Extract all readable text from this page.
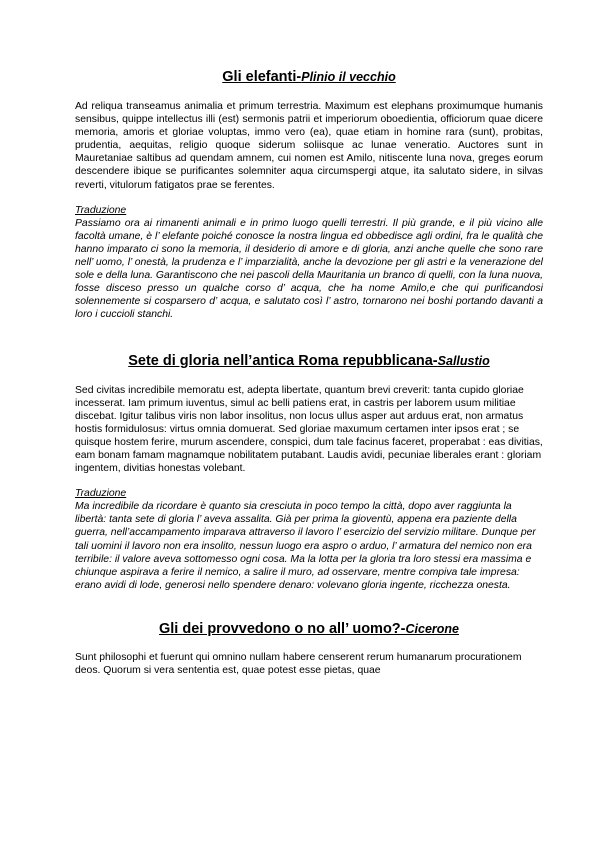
Gli elefanti-Plinio il vecchio

Ad reliqua transeamus animalia et primum terrestria. Maximum est elephans proximumque humanis sensibus, quippe intellectus illi (est) sermonis patrii et imperiorum oboedientia, officiorum quae dicere memoria, amoris et gloriae voluptas, immo vero (ea), quae etiam in homine rara (sunt), probitas, prudentia, aequitas, religio quoque siderum soliisque ac lunae veneratio. Auctores sunt in Mauretaniae saltibus ad quendam amnem, cui nomen est Amilo, nitiscente luna nova, greges eorum descendere ibique se purificantes solemniter aqua circumspergi atque, ita salutato sidere, in silvas reverti, vitulorum fatigatos prae se ferentes.

Traduzione

Passiamo ora ai rimanenti animali e in primo luogo quelli terrestri. Il più grande, e il più vicino alle facoltà umane, è l’ elefante poiché conosce la nostra lingua ed obbedisce agli ordini, fra le qualità che hanno imparato ci sono la memoria, il desiderio di amore e di gloria, anzi anche quelle che sono rare nell’ uomo, l’ onestà, la prudenza e l’ imparzialità, anche la devozione per gli astri e la venerazione del sole e della luna. Garantiscono che nei pascoli della Mauritania un branco di quelli, con la luna nuova, fosse disceso presso un qualche corso d’ acqua, che ha nome Amilo,e che qui purificandosi solennemente si cosparsero d’ acqua, e salutato così l’ astro, tornarono nei boshi portando davanti a loro i cuccioli stanchi.

Sete di gloria nell’antica Roma repubblicana-Sallustio

Sed civitas incredibile memoratu est, adepta libertate, quantum brevi creverit: tanta cupido gloriae incesserat. Iam primum iuventus, simul ac belli patiens erat, in castris per laborem usum militiae discebat. Igitur talibus viris non labor insolitus, non locus ullus asper aut arduus erat, non armatus hostis formidulosus: virtus omnia domuerat. Sed gloriae maxumum certamen inter ipsos erat ; se quisque hostem ferire, murum ascendere, conspici, dum tale facinus faceret, properabat : eas divitias, eam bonam famam magnamque nobilitatem putabant. Laudis avidi, pecuniae liberales erant : gloriam ingentem, divitias honestas volebant.

Traduzione

Ma incredibile da ricordare è quanto sia cresciuta in poco tempo la città, dopo aver raggiunta la libertà: tanta sete di gloria l’ aveva assalita. Già per prima la gioventù, appena era paziente della guerra, nell’accampamento imparava attraverso il lavoro l’ esercizio del servizio militare. Dunque per tali uomini il lavoro non era insolito, nessun luogo era aspro o arduo, l’ armatura del nemico non era terribile: il valore aveva sottomesso ogni cosa. Ma la lotta per la gloria tra loro stessi era massima e chiunque aspirava a ferire il nemico, a salire il muro, ad osservare, mentre compiva tale impresa: erano avidi di lode, generosi nello spendere denaro: volevano gloria ingente, ricchezza onesta.

Gli dei provvedono o no all’ uomo?-Cicerone

Sunt philosophi et fuerunt qui omnino nullam habere censerent rerum humanarum procurationem deos. Quorum si vera sententia est, quae potest esse pietas, quae
